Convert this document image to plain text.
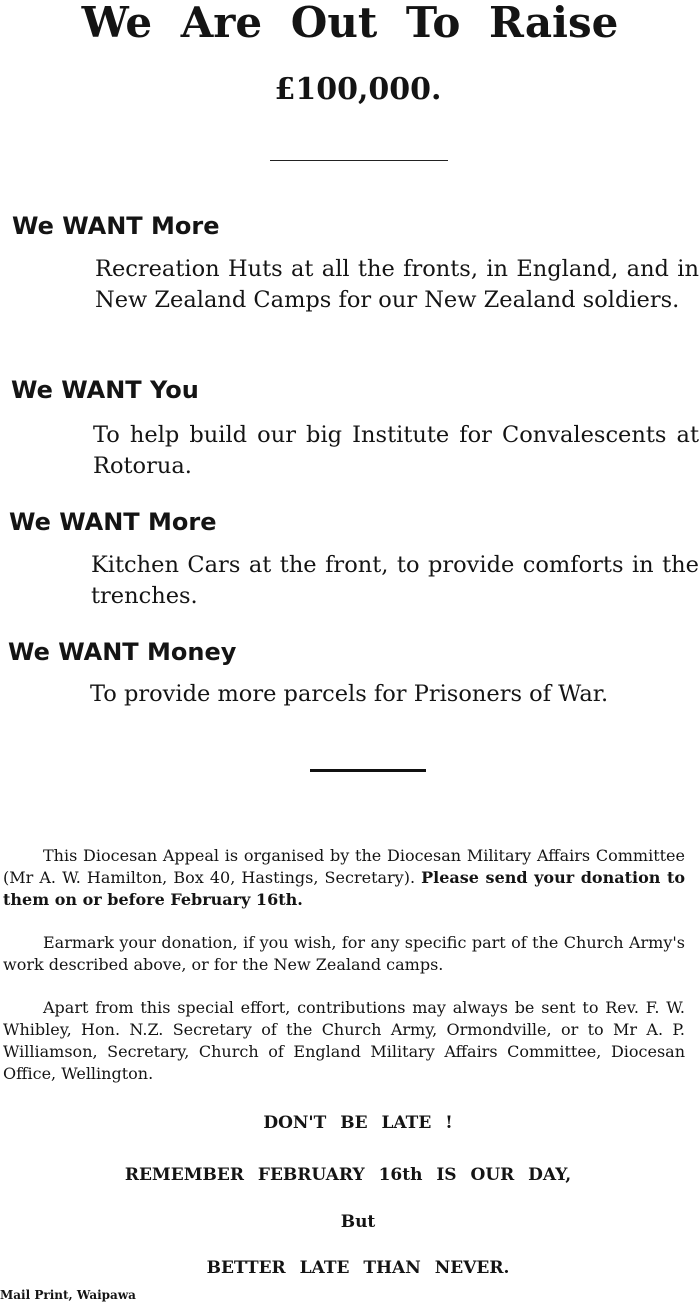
We Are Out To Raise
£100,000.
We WANT More
Recreation Huts at all the fronts, in England, and in New Zealand Camps for our New Zealand soldiers.
We WANT You
To help build our big Institute for Convalescents at Rotorua.
We WANT More
Kitchen Cars at the front, to provide comforts in the trenches.
We WANT Money
To provide more parcels for Prisoners of War.
This Diocesan Appeal is organised by the Diocesan Military Affairs Committee (Mr A. W. Hamilton, Box 40, Hastings, Secretary). Please send your donation to them on or before February 16th.
Earmark your donation, if you wish, for any specific part of the Church Army's work described above, or for the New Zealand camps.
Apart from this special effort, contributions may always be sent to Rev. F. W. Whibley, Hon. N.Z. Secretary of the Church Army, Ormondville, or to Mr A. P. Williamson, Secretary, Church of England Military Affairs Committee, Diocesan Office, Wellington.
DON'T BE LATE !
REMEMBER FEBRUARY 16th IS OUR DAY,
But
BETTER LATE THAN NEVER.
Mail Print, Waipawa
